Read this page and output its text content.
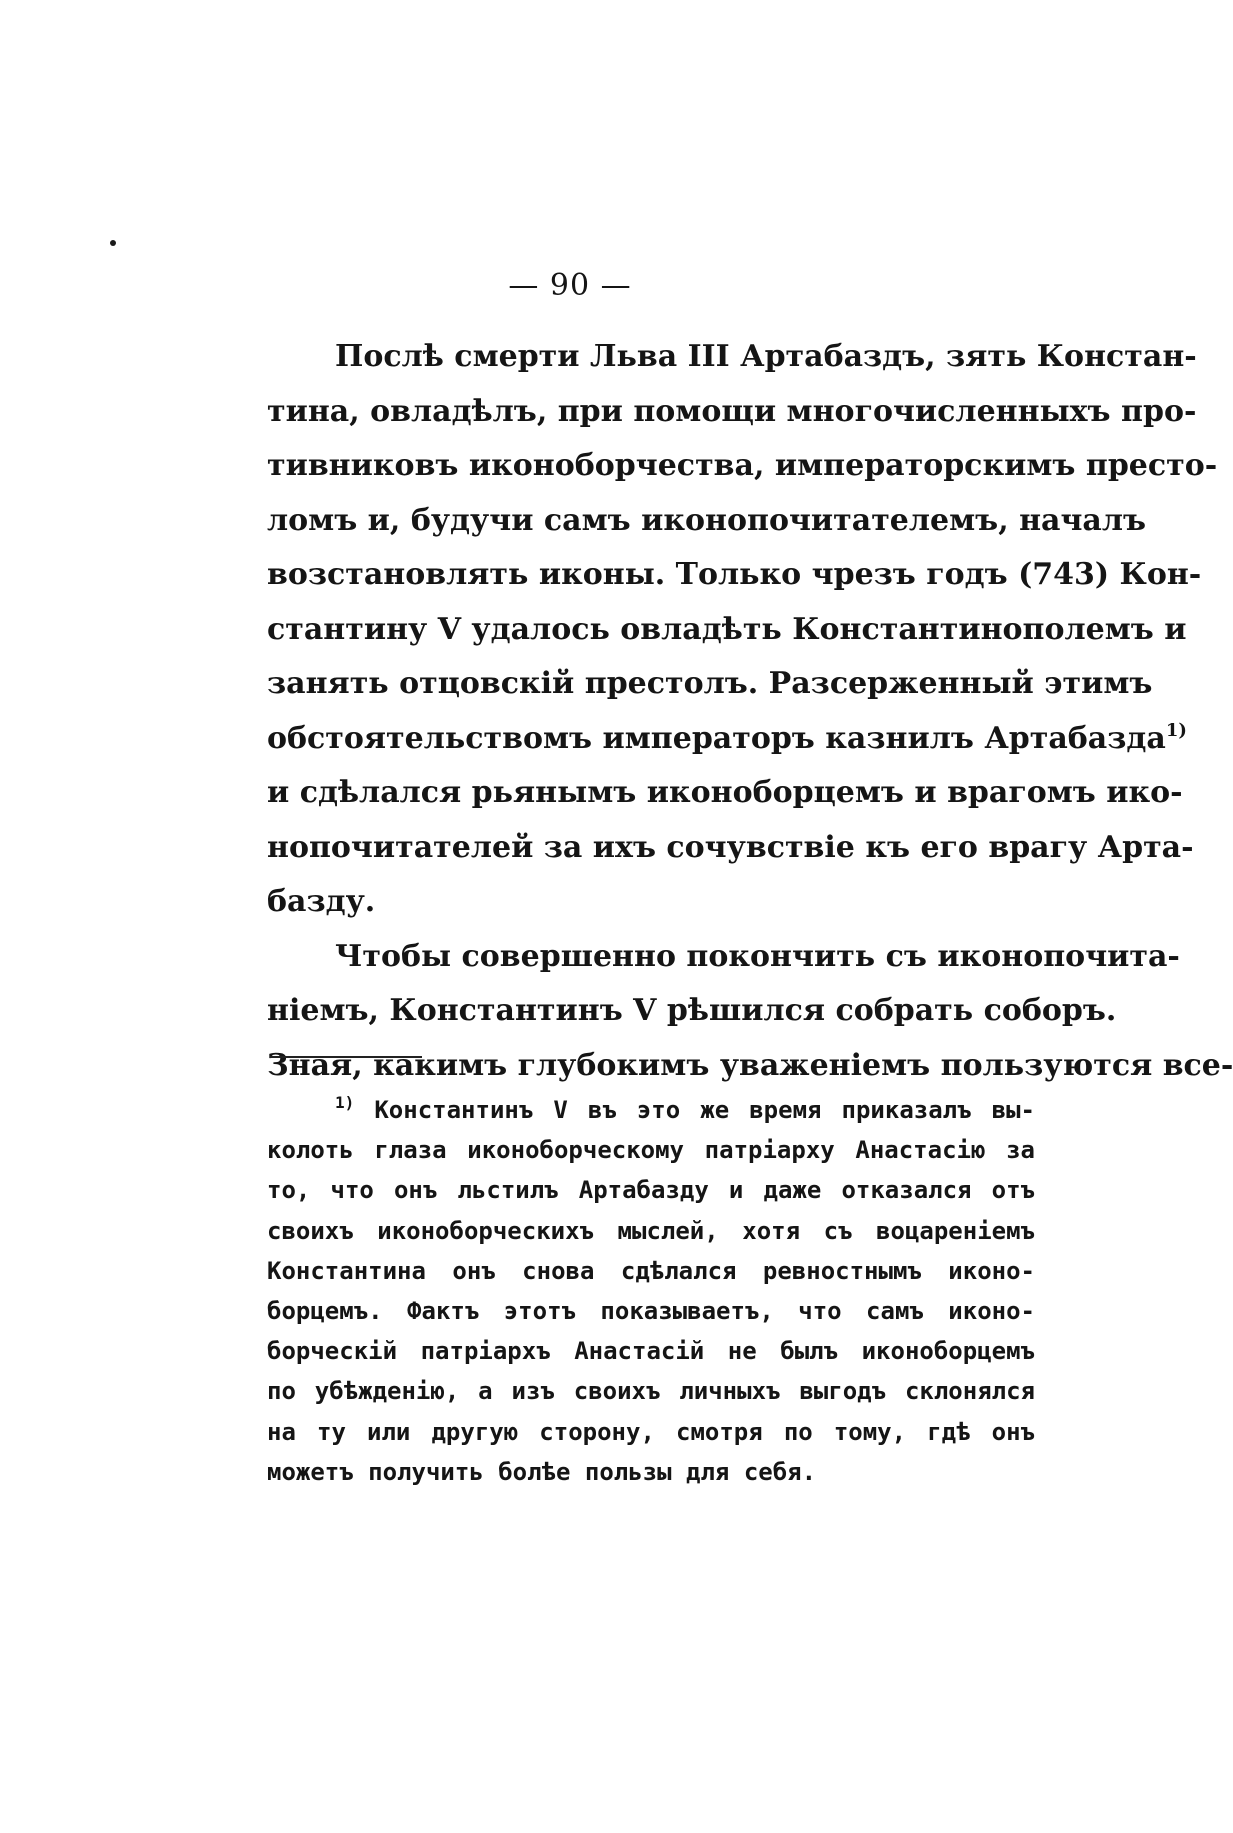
— 90 —
Послѣ смерти Льва III Артабаздъ, зять Констан-
тина, овладѣлъ, при помощи многочисленныхъ про-
тивниковъ иконоборчества, императорскимъ престо-
ломъ и, будучи самъ иконопочитателемъ, началъ
возстановлять иконы. Только чрезъ годъ (743) Кон-
стантину V удалось овладѣть Константинополемъ и
занять отцовскій престолъ. Разсерженный этимъ
обстоятельствомъ императоръ казнилъ Артабазда$^{1)}$
и сдѣлался рьянымъ иконоборцемъ и врагомъ ико-
нопочитателей за ихъ сочувствіе къ его врагу Арта-
базду.
Чтобы совершенно покончить съ иконопочита-
ніемъ, Константинъ V рѣшился собрать соборъ.
Зная, какимъ глубокимъ уваженіемъ пользуются все-
$^{1)}$ Константинъ V въ это же время приказалъ вы-
колоть глаза иконоборческому патріарху Анастасію за
то, что онъ льстилъ Артабазду и даже отказался отъ
своихъ иконоборческихъ мыслей, хотя съ воцареніемъ
Константина онъ снова сдѣлался ревностнымъ иконо-
борцемъ. Фактъ этотъ показываетъ, что самъ иконо-
борческій патріархъ Анастасій не былъ иконоборцемъ
по убѣжденію, а изъ своихъ личныхъ выгодъ склонялся
на ту или другую сторону, смотря по тому, гдѣ онъ
можетъ получить болѣе пользы для себя.
